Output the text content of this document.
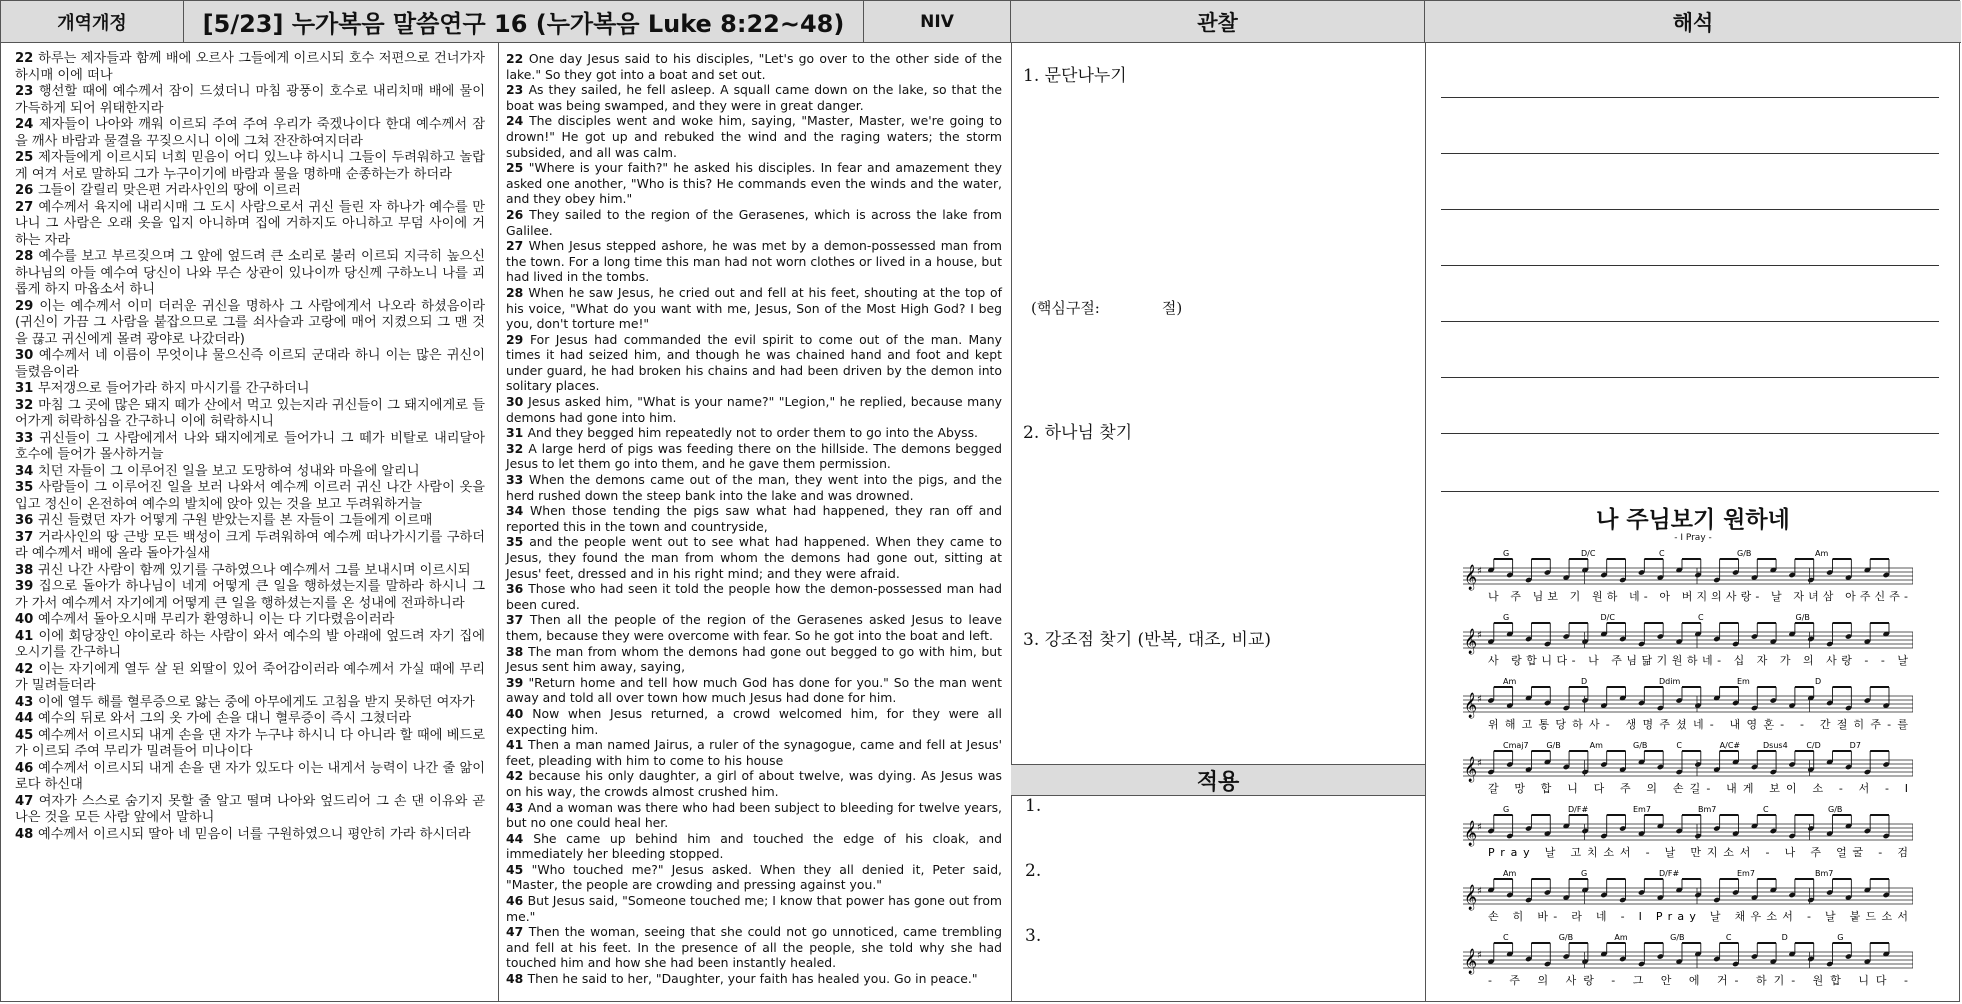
개역개정	[5/23] 누가복음 말씀연구 16 (누가복음 Luke 8:22~48)	NIV	관찰	해석

22 하루는 제자들과 함께 배에 오르사 그들에게 이르시되 호수 저편으로 건너가자 하시매 이에 떠나

23 행선할 때에 예수께서 잠이 드셨더니 마침 광풍이 호수로 내리치매 배에 물이 가득하게 되어 위태한지라

24 제자들이 나아와 깨워 이르되 주여 주여 우리가 죽겠나이다 한대 예수께서 잠을 깨사 바람과 물결을 꾸짖으시니 이에 그쳐 잔잔하여지더라

25 제자들에게 이르시되 너희 믿음이 어디 있느냐 하시니 그들이 두려워하고 놀랍게 여겨 서로 말하되 그가 누구이기에 바람과 물을 명하매 순종하는가 하더라

26 그들이 갈릴리 맞은편 거라사인의 땅에 이르러

27 예수께서 육지에 내리시매 그 도시 사람으로서 귀신 들린 자 하나가 예수를 만나니 그 사람은 오래 옷을 입지 아니하며 집에 거하지도 아니하고 무덤 사이에 거하는 자라

28 예수를 보고 부르짖으며 그 앞에 엎드려 큰 소리로 불러 이르되 지극히 높으신 하나님의 아들 예수여 당신이 나와 무슨 상관이 있나이까 당신께 구하노니 나를 괴롭게 하지 마옵소서 하니

29 이는 예수께서 이미 더러운 귀신을 명하사 그 사람에게서 나오라 하셨음이라 (귀신이 가끔 그 사람을 붙잡으므로 그를 쇠사슬과 고랑에 매어 지켰으되 그 맨 것을 끊고 귀신에게 몰려 광야로 나갔더라)

30 예수께서 네 이름이 무엇이냐 물으신즉 이르되 군대라 하니 이는 많은 귀신이 들렸음이라

31 무저갱으로 들어가라 하지 마시기를 간구하더니

32 마침 그 곳에 많은 돼지 떼가 산에서 먹고 있는지라 귀신들이 그 돼지에게로 들어가게 허락하심을 간구하니 이에 허락하시니

33 귀신들이 그 사람에게서 나와 돼지에게로 들어가니 그 떼가 비탈로 내리달아 호수에 들어가 몰사하거늘

34 치던 자들이 그 이루어진 일을 보고 도망하여 성내와 마을에 알리니

35 사람들이 그 이루어진 일을 보러 나와서 예수께 이르러 귀신 나간 사람이 옷을 입고 정신이 온전하여 예수의 발치에 앉아 있는 것을 보고 두려워하거늘

36 귀신 들렸던 자가 어떻게 구원 받았는지를 본 자들이 그들에게 이르매

37 거라사인의 땅 근방 모든 백성이 크게 두려워하여 예수께 떠나가시기를 구하더라 예수께서 배에 올라 돌아가실새

38 귀신 나간 사람이 함께 있기를 구하였으나 예수께서 그를 보내시며 이르시되

39 집으로 돌아가 하나님이 네게 어떻게 큰 일을 행하셨는지를 말하라 하시니 그가 가서 예수께서 자기에게 어떻게 큰 일을 행하셨는지를 온 성내에 전파하니라

40 예수께서 돌아오시매 무리가 환영하니 이는 다 기다렸음이러라

41 이에 회당장인 야이로라 하는 사람이 와서 예수의 발 아래에 엎드려 자기 집에 오시기를 간구하니

42 이는 자기에게 열두 살 된 외딸이 있어 죽어감이러라 예수께서 가실 때에 무리가 밀려들더라

43 이에 열두 해를 혈루증으로 앓는 중에 아무에게도 고침을 받지 못하던 여자가

44 예수의 뒤로 와서 그의 옷 가에 손을 대니 혈루증이 즉시 그쳤더라

45 예수께서 이르시되 내게 손을 댄 자가 누구냐 하시니 다 아니라 할 때에 베드로가 이르되 주여 무리가 밀려들어 미나이다

46 예수께서 이르시되 내게 손을 댄 자가 있도다 이는 내게서 능력이 나간 줄 앎이로다 하신대

47 여자가 스스로 숨기지 못할 줄 알고 떨며 나아와 엎드리어 그 손 댄 이유와 곧 나은 것을 모든 사람 앞에서 말하니

48 예수께서 이르시되 딸아 네 믿음이 너를 구원하였으니 평안히 가라 하시더라

22 One day Jesus said to his disciples, "Let's go over to the other side of the lake." So they got into a boat and set out.

23 As they sailed, he fell asleep. A squall came down on the lake, so that the boat was being swamped, and they were in great danger.

24 The disciples went and woke him, saying, "Master, Master, we're going to drown!" He got up and rebuked the wind and the raging waters; the storm subsided, and all was calm.

25 "Where is your faith?" he asked his disciples. In fear and amazement they asked one another, "Who is this? He commands even the winds and the water, and they obey him."

26 They sailed to the region of the Gerasenes, which is across the lake from Galilee.

27 When Jesus stepped ashore, he was met by a demon-possessed man from the town. For a long time this man had not worn clothes or lived in a house, but had lived in the tombs.

28 When he saw Jesus, he cried out and fell at his feet, shouting at the top of his voice, "What do you want with me, Jesus, Son of the Most High God? I beg you, don't torture me!"

29 For Jesus had commanded the evil spirit to come out of the man. Many times it had seized him, and though he was chained hand and foot and kept under guard, he had broken his chains and had been driven by the demon into solitary places.

30 Jesus asked him, "What is your name?" "Legion," he replied, because many demons had gone into him.

31 And they begged him repeatedly not to order them to go into the Abyss.

32 A large herd of pigs was feeding there on the hillside. The demons begged Jesus to let them go into them, and he gave them permission.

33 When the demons came out of the man, they went into the pigs, and the herd rushed down the steep bank into the lake and was drowned.

34 When those tending the pigs saw what had happened, they ran off and reported this in the town and countryside,

35 and the people went out to see what had happened. When they came to Jesus, they found the man from whom the demons had gone out, sitting at Jesus' feet, dressed and in his right mind; and they were afraid.

36 Those who had seen it told the people how the demon-possessed man had been cured.

37 Then all the people of the region of the Gerasenes asked Jesus to leave them, because they were overcome with fear. So he got into the boat and left.

38 The man from whom the demons had gone out begged to go with him, but Jesus sent him away, saying,

39 "Return home and tell how much God has done for you." So the man went away and told all over town how much Jesus had done for him.

40 Now when Jesus returned, a crowd welcomed him, for they were all expecting him.

41 Then a man named Jairus, a ruler of the synagogue, came and fell at Jesus' feet, pleading with him to come to his house

42 because his only daughter, a girl of about twelve, was dying. As Jesus was on his way, the crowds almost crushed him.

43 And a woman was there who had been subject to bleeding for twelve years, but no one could heal her.

44 She came up behind him and touched the edge of his cloak, and immediately her bleeding stopped.

45 "Who touched me?" Jesus asked. When they all denied it, Peter said, "Master, the people are crowding and pressing against you."

46 But Jesus said, "Someone touched me; I know that power has gone out from me."

47 Then the woman, seeing that she could not go unnoticed, came trembling and fell at his feet. In the presence of all the people, she told why she had touched him and how she had been instantly healed.

48 Then he said to her, "Daughter, your faith has healed you. Go in peace."

1. 문단나누기
(핵심구절:	절)
2. 하나님 찾기
3. 강조점 찾기 (반복, 대조, 비교)
적용
1.
2.
3.
나 주님보기 원하네
- I Pray -
𝄞 ♯
G	D/C	C	G/B	Am
나 주 님보 기 원하 네- 아 버지의사랑- 날 자녀삼 아주신주-
𝄞 ♯
G	D/C	C	G/B
사 랑합니다- 나 주님닮기원하네- 십 자 가 의 사랑 - - 날
𝄞 ♯
Am	D	Ddim	Em	D
위해고통당하사- 생명주셨네- 내영혼- - 간절히주-를
𝄞 ♯
Cmaj7 G/B	Am	G/B	C	A/C#	Dsus4 C/D	D7
갈 망 합 니 다 주 의 손길- 내게 보이 소 - 서 - I
𝄞 ♯
G	D/F#	Em7	Bm7	C	G/B
Pray 날 고치소서 - 날 만지소서 - 나 주 얼굴 - 검
𝄞 ♯
Am	G	D/F#	Em7	Bm7
손 히 바- 라 네 - I Pray 날 채우소서 - 날 붙드소서
𝄞 ♯
C	G/B	Am	G/B	C	D	G
- 주 의 사랑 - 그 안 에 거- 하기- 원합 니다 -
